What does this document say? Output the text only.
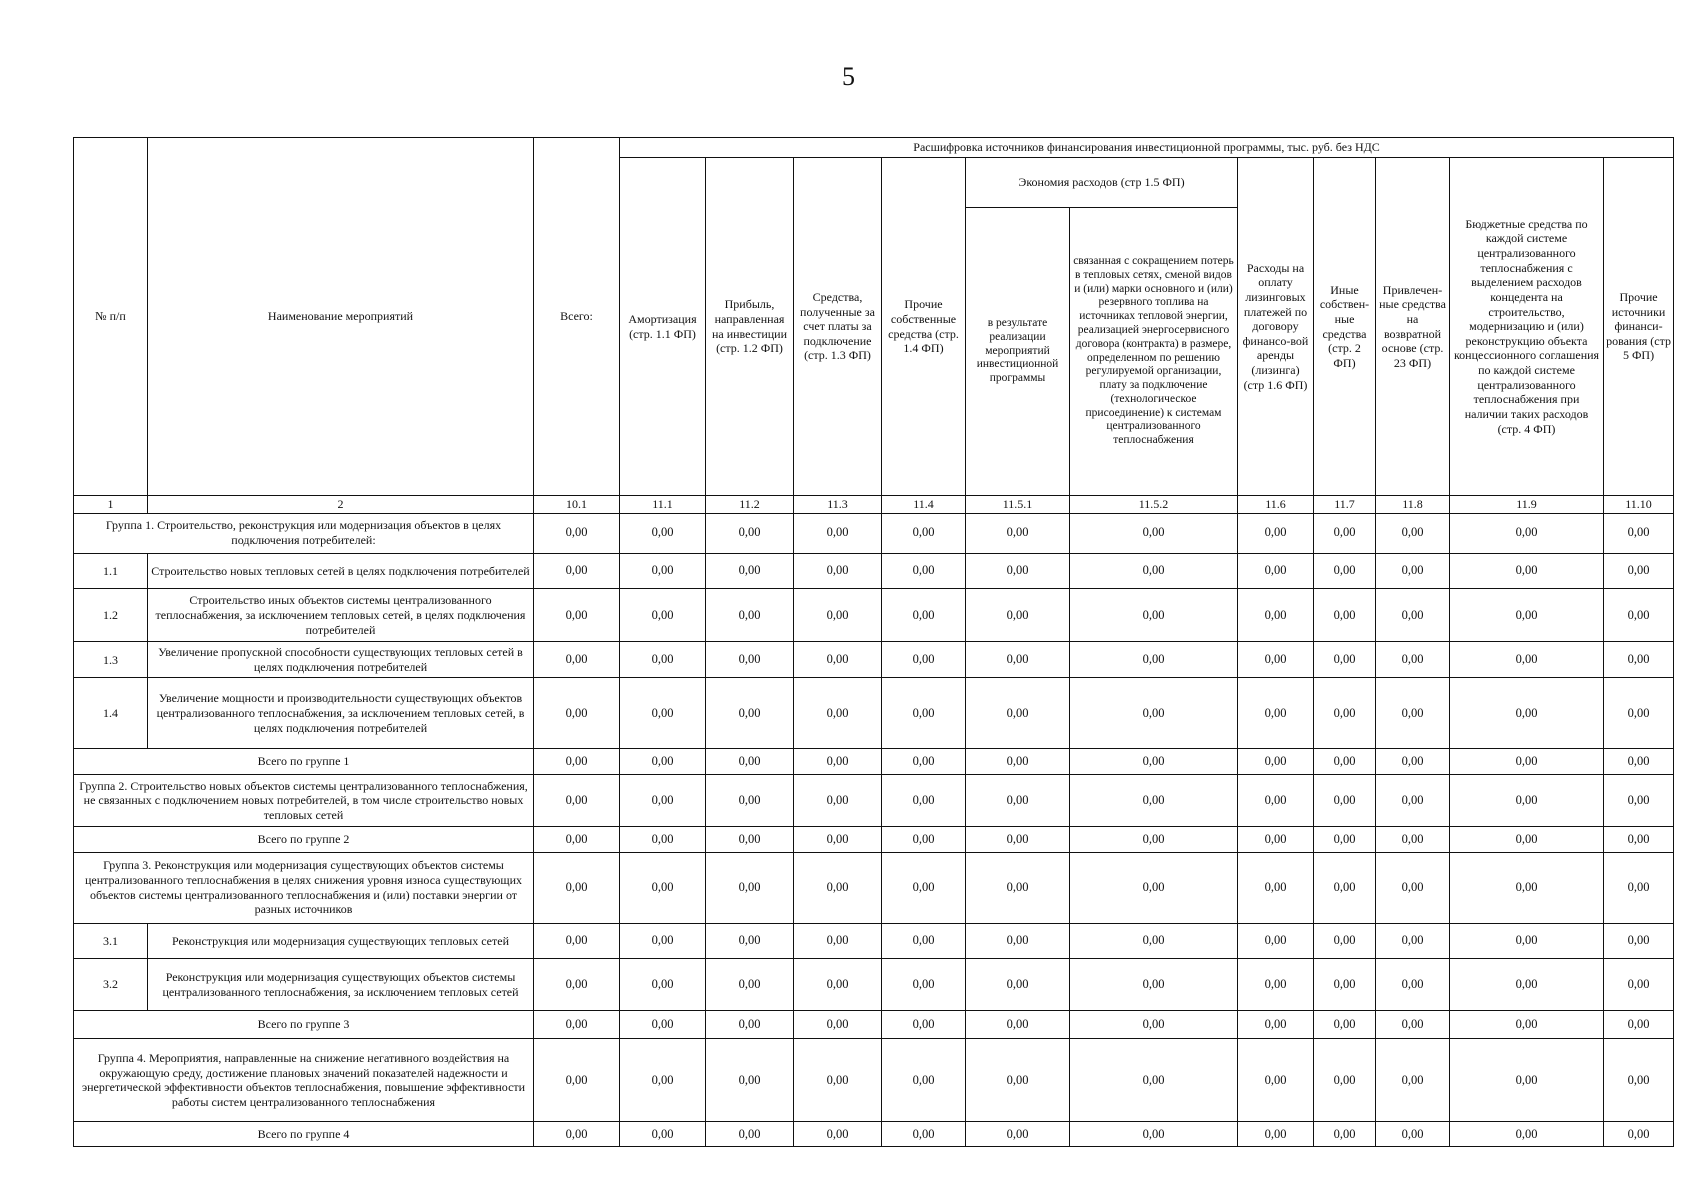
5
№ п/п	Наименование мероприятий	Всего:	Расшифровка источников финансирования инвестиционной программы, тыс. руб. без НДС										
			Амортизация (стр. 1.1 ФП)	Прибыль, направленная на инвестиции (стр. 1.2 ФП)	Средства, полученные за счет платы за подключение (стр. 1.3 ФП)	Прочие собственные средства (стр. 1.4 ФП)	Экономия расходов (стр 1.5 ФП)		Расходы на оплату лизинговых платежей по договору финансо-вой аренды (лизинга) (стр 1.6 ФП)	Иные собствен-ные средства (стр. 2 ФП)	Привлечен-ные средства на возвратной основе (стр. 23 ФП)	Бюджетные средства по каждой системе централизованного теплоснабжения с выделением расходов концедента на строительство, модернизацию и (или) реконструкцию объекта концессионного соглашения по каждой системе централизованного теплоснабжения при наличии таких расходов (стр. 4 ФП)	Прочие источники финанси-рования (стр 5 ФП)
							в результате реализации мероприятий инвестиционной программы	связанная с сокращением потерь в тепловых сетях, сменой видов и (или) марки основного и (или) резервного топлива на источниках тепловой энергии, реализацией энергосервисного договора (контракта) в размере, определенном по решению регулируемой организации, плату за подключение (технологическое присоединение) к системам централизованного теплоснабжения					
1	2	10.1	11.1	11.2	11.3	11.4	11.5.1	11.5.2	11.6	11.7	11.8	11.9	11.10
Группа 1. Строительство, реконструкция или модернизация объектов в целях подключения потребителей:		0,00	0,00	0,00	0,00	0,00	0,00	0,00	0,00	0,00	0,00	0,00	0,00
1.1	Строительство новых тепловых сетей в целях подключения потребителей	0,00	0,00	0,00	0,00	0,00	0,00	0,00	0,00	0,00	0,00	0,00	0,00
1.2	Строительство иных объектов системы централизованного теплоснабжения, за исключением тепловых сетей, в целях подключения потребителей	0,00	0,00	0,00	0,00	0,00	0,00	0,00	0,00	0,00	0,00	0,00	0,00
1.3	Увеличение пропускной способности существующих тепловых сетей в целях подключения потребителей	0,00	0,00	0,00	0,00	0,00	0,00	0,00	0,00	0,00	0,00	0,00	0,00
1.4	Увеличение мощности и производительности существующих объектов централизованного теплоснабжения, за исключением тепловых сетей, в целях подключения потребителей	0,00	0,00	0,00	0,00	0,00	0,00	0,00	0,00	0,00	0,00	0,00	0,00
Всего по группе 1		0,00	0,00	0,00	0,00	0,00	0,00	0,00	0,00	0,00	0,00	0,00	0,00
Группа 2. Строительство новых объектов системы централизованного теплоснабжения, не связанных с подключением новых потребителей, в том числе строительство новых тепловых сетей		0,00	0,00	0,00	0,00	0,00	0,00	0,00	0,00	0,00	0,00	0,00	0,00
Всего по группе 2		0,00	0,00	0,00	0,00	0,00	0,00	0,00	0,00	0,00	0,00	0,00	0,00
Группа 3. Реконструкция или модернизация существующих объектов системы централизованного теплоснабжения в целях снижения уровня износа существующих объектов системы централизованного теплоснабжения и (или) поставки энергии от разных источников		0,00	0,00	0,00	0,00	0,00	0,00	0,00	0,00	0,00	0,00	0,00	0,00
3.1	Реконструкция или модернизация существующих тепловых сетей	0,00	0,00	0,00	0,00	0,00	0,00	0,00	0,00	0,00	0,00	0,00	0,00
3.2	Реконструкция или модернизация существующих объектов системы централизованного теплоснабжения, за исключением тепловых сетей	0,00	0,00	0,00	0,00	0,00	0,00	0,00	0,00	0,00	0,00	0,00	0,00
Всего по группе 3		0,00	0,00	0,00	0,00	0,00	0,00	0,00	0,00	0,00	0,00	0,00	0,00
Группа 4. Мероприятия, направленные на снижение негативного воздействия на окружающую среду, достижение плановых значений показателей надежности и энергетической эффективности объектов теплоснабжения, повышение эффективности работы систем централизованного теплоснабжения		0,00	0,00	0,00	0,00	0,00	0,00	0,00	0,00	0,00	0,00	0,00	0,00
Всего по группе 4		0,00	0,00	0,00	0,00	0,00	0,00	0,00	0,00	0,00	0,00	0,00	0,00
